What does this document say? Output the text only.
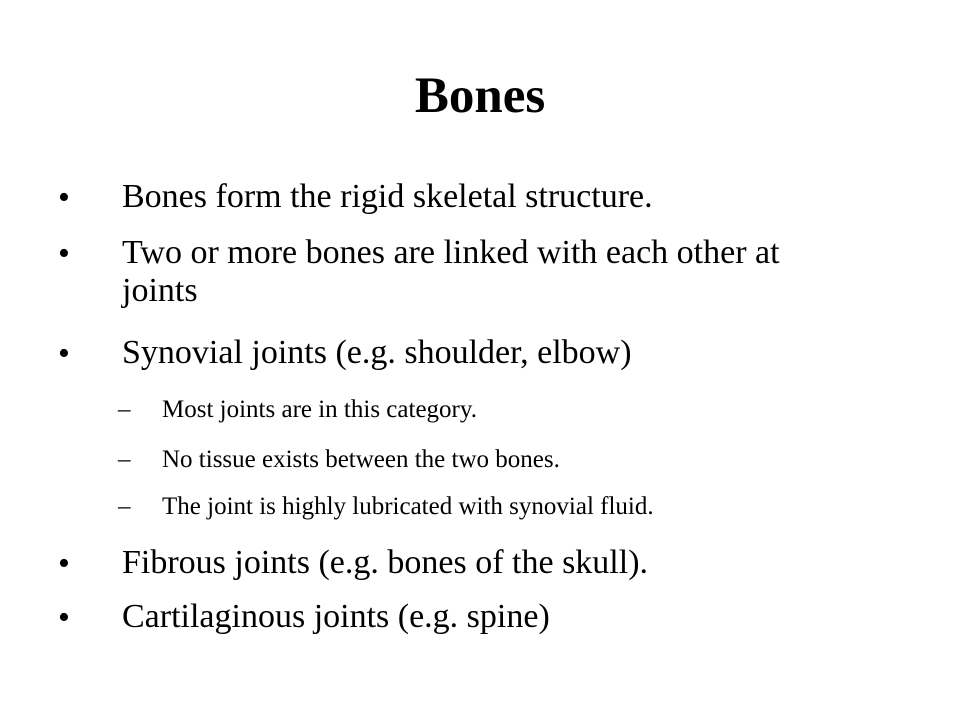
Bones
• Bones form the rigid skeletal structure.
• Two or more bones are linked with each other at joints
• Synovial joints (e.g. shoulder, elbow)
– Most joints are in this category.
– No tissue exists between the two bones.
– The joint is highly lubricated with synovial fluid.
• Fibrous joints (e.g. bones of the skull).
• Cartilaginous joints (e.g. spine)
